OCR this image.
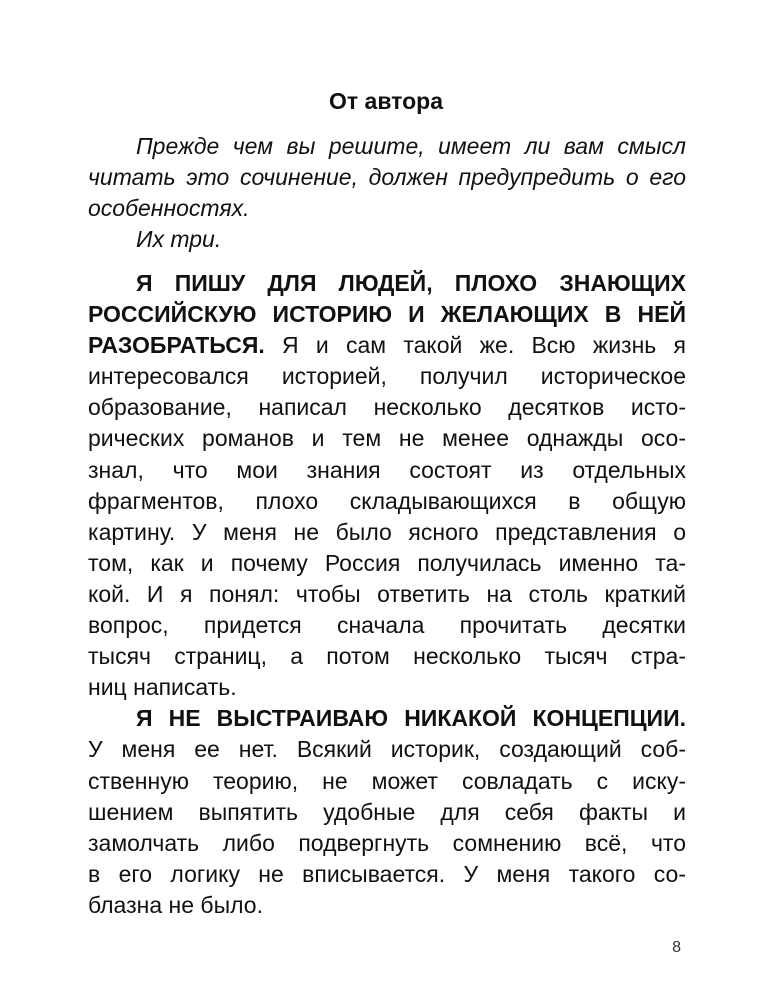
От автора
Прежде чем вы решите, имеет ли вам смысл
читать это сочинение, должен предупредить о его
особенностях.
Их три.
Я ПИШУ ДЛЯ ЛЮДЕЙ, ПЛОХО ЗНАЮЩИХ
РОССИЙСКУЮ ИСТОРИЮ И ЖЕЛАЮЩИХ В НЕЙ
РАЗОБРАТЬСЯ. Я и сам такой же. Всю жизнь я
интересовался историей, получил историческое
образование, написал несколько десятков исто-
рических романов и тем не менее однажды осо-
знал, что мои знания состоят из отдельных
фрагментов, плохо складывающихся в общую
картину. У меня не было ясного представления о
том, как и почему Россия получилась именно та-
кой. И я понял: чтобы ответить на столь краткий
вопрос, придется сначала прочитать десятки
тысяч страниц, а потом несколько тысяч стра-
ниц написать.
Я НЕ ВЫСТРАИВАЮ НИКАКОЙ КОНЦЕПЦИИ.
У меня ее нет. Всякий историк, создающий соб-
ственную теорию, не может совладать с иску-
шением выпятить удобные для себя факты и
замолчать либо подвергнуть сомнению всё, что
в его логику не вписывается. У меня такого со-
блазна не было.
8
